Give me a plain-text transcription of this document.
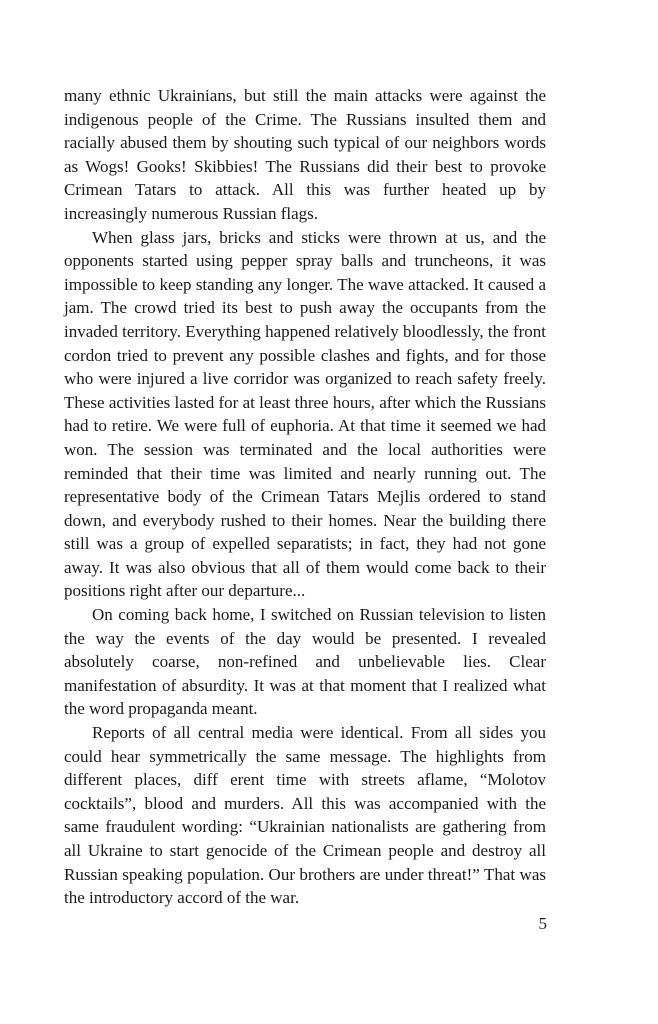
many ethnic Ukrainians, but still the main attacks were against the indigenous people of the Crime. The Russians insulted them and racially abused them by shouting such typical of our neighbors words as Wogs! Gooks! Skibbies! The Russians did their best to provoke Crimean Tatars to attack. All this was further heated up by increasingly numerous Russian flags.

When glass jars, bricks and sticks were thrown at us, and the opponents started using pepper spray balls and truncheons, it was impossible to keep standing any longer. The wave attacked. It caused a jam. The crowd tried its best to push away the occupants from the invaded territory. Everything happened relatively bloodlessly, the front cordon tried to prevent any possible clashes and fights, and for those who were injured a live corridor was organized to reach safety freely. These activities lasted for at least three hours, after which the Russians had to retire. We were full of euphoria. At that time it seemed we had won. The session was terminated and the local authorities were reminded that their time was limited and nearly running out. The representative body of the Crimean Tatars Mejlis ordered to stand down, and everybody rushed to their homes. Near the building there still was a group of expelled separatists; in fact, they had not gone away. It was also obvious that all of them would come back to their positions right after our departure...

On coming back home, I switched on Russian television to listen the way the events of the day would be presented. I revealed absolutely coarse, non-refined and unbelievable lies. Clear manifestation of absurdity. It was at that moment that I realized what the word propaganda meant.

Reports of all central media were identical. From all sides you could hear symmetrically the same message. The highlights from different places, diff erent time with streets aflame, “Molotov cocktails”, blood and murders. All this was accompanied with the same fraudulent wording: “Ukrainian nationalists are gathering from all Ukraine to start genocide of the Crimean people and destroy all Russian speaking population. Our brothers are under threat!” That was the introductory accord of the war.

5
